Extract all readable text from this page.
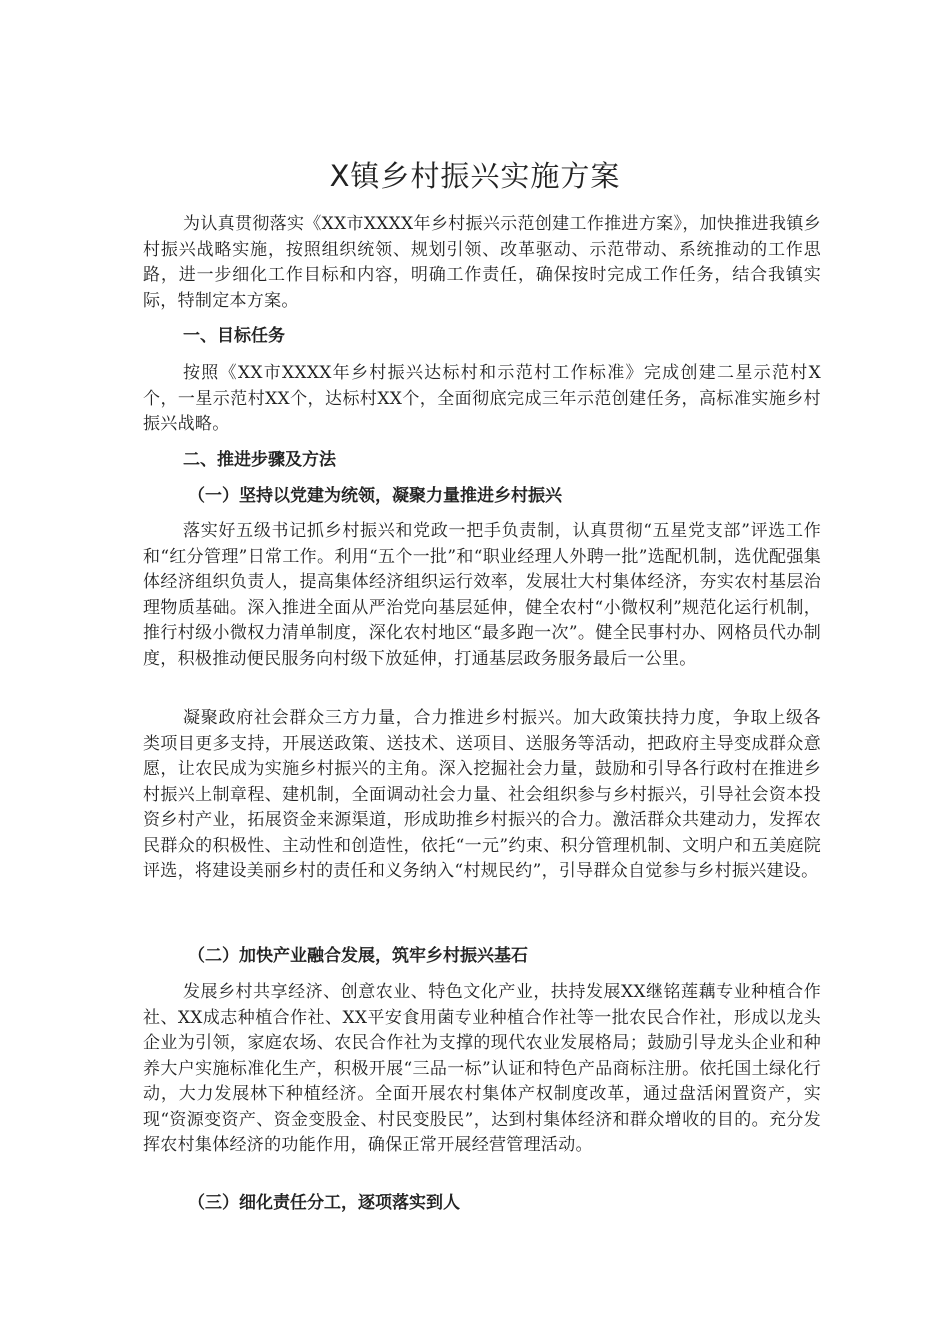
X镇乡村振兴实施方案

为认真贯彻落实《XX市XXXX年乡村振兴示范创建工作推进方案》，加快推进我镇乡村振兴战略实施，按照组织统领、规划引领、改革驱动、示范带动、系统推动的工作思路，进一步细化工作目标和内容，明确工作责任，确保按时完成工作任务，结合我镇实际，特制定本方案。

一、目标任务

按照《XX市XXXX年乡村振兴达标村和示范村工作标准》完成创建二星示范村X个，一星示范村XX个，达标村XX个，全面彻底完成三年示范创建任务，高标准实施乡村振兴战略。

二、推进步骤及方法
（一）坚持以党建为统领，凝聚力量推进乡村振兴

落实好五级书记抓乡村振兴和党政一把手负责制，认真贯彻“五星党支部”评选工作和“红分管理”日常工作。利用“五个一批”和“职业经理人外聘一批”选配机制，选优配强集体经济组织负责人，提高集体经济组织运行效率，发展壮大村集体经济，夯实农村基层治理物质基础。深入推进全面从严治党向基层延伸，健全农村“小微权利”规范化运行机制，推行村级小微权力清单制度，深化农村地区“最多跑一次”。健全民事村办、网格员代办制度，积极推动便民服务向村级下放延伸，打通基层政务服务最后一公里。

凝聚政府社会群众三方力量，合力推进乡村振兴。加大政策扶持力度，争取上级各类项目更多支持，开展送政策、送技术、送项目、送服务等活动，把政府主导变成群众意愿，让农民成为实施乡村振兴的主角。深入挖掘社会力量，鼓励和引导各行政村在推进乡村振兴上制章程、建机制，全面调动社会力量、社会组织参与乡村振兴，引导社会资本投资乡村产业，拓展资金来源渠道，形成助推乡村振兴的合力。激活群众共建动力，发挥农民群众的积极性、主动性和创造性，依托“一元”约束、积分管理机制、文明户和五美庭院评选，将建设美丽乡村的责任和义务纳入“村规民约”，引导群众自觉参与乡村振兴建设。

（二）加快产业融合发展，筑牢乡村振兴基石

发展乡村共享经济、创意农业、特色文化产业，扶持发展XX继铭莲藕专业种植合作社、XX成志种植合作社、XX平安食用菌专业种植合作社等一批农民合作社，形成以龙头企业为引领，家庭农场、农民合作社为支撑的现代农业发展格局；鼓励引导龙头企业和种养大户实施标准化生产，积极开展“三品一标”认证和特色产品商标注册。依托国土绿化行动，大力发展林下种植经济。全面开展农村集体产权制度改革，通过盘活闲置资产，实现“资源变资产、资金变股金、村民变股民”，达到村集体经济和群众增收的目的。充分发挥农村集体经济的功能作用，确保正常开展经营管理活动。

（三）细化责任分工，逐项落实到人
